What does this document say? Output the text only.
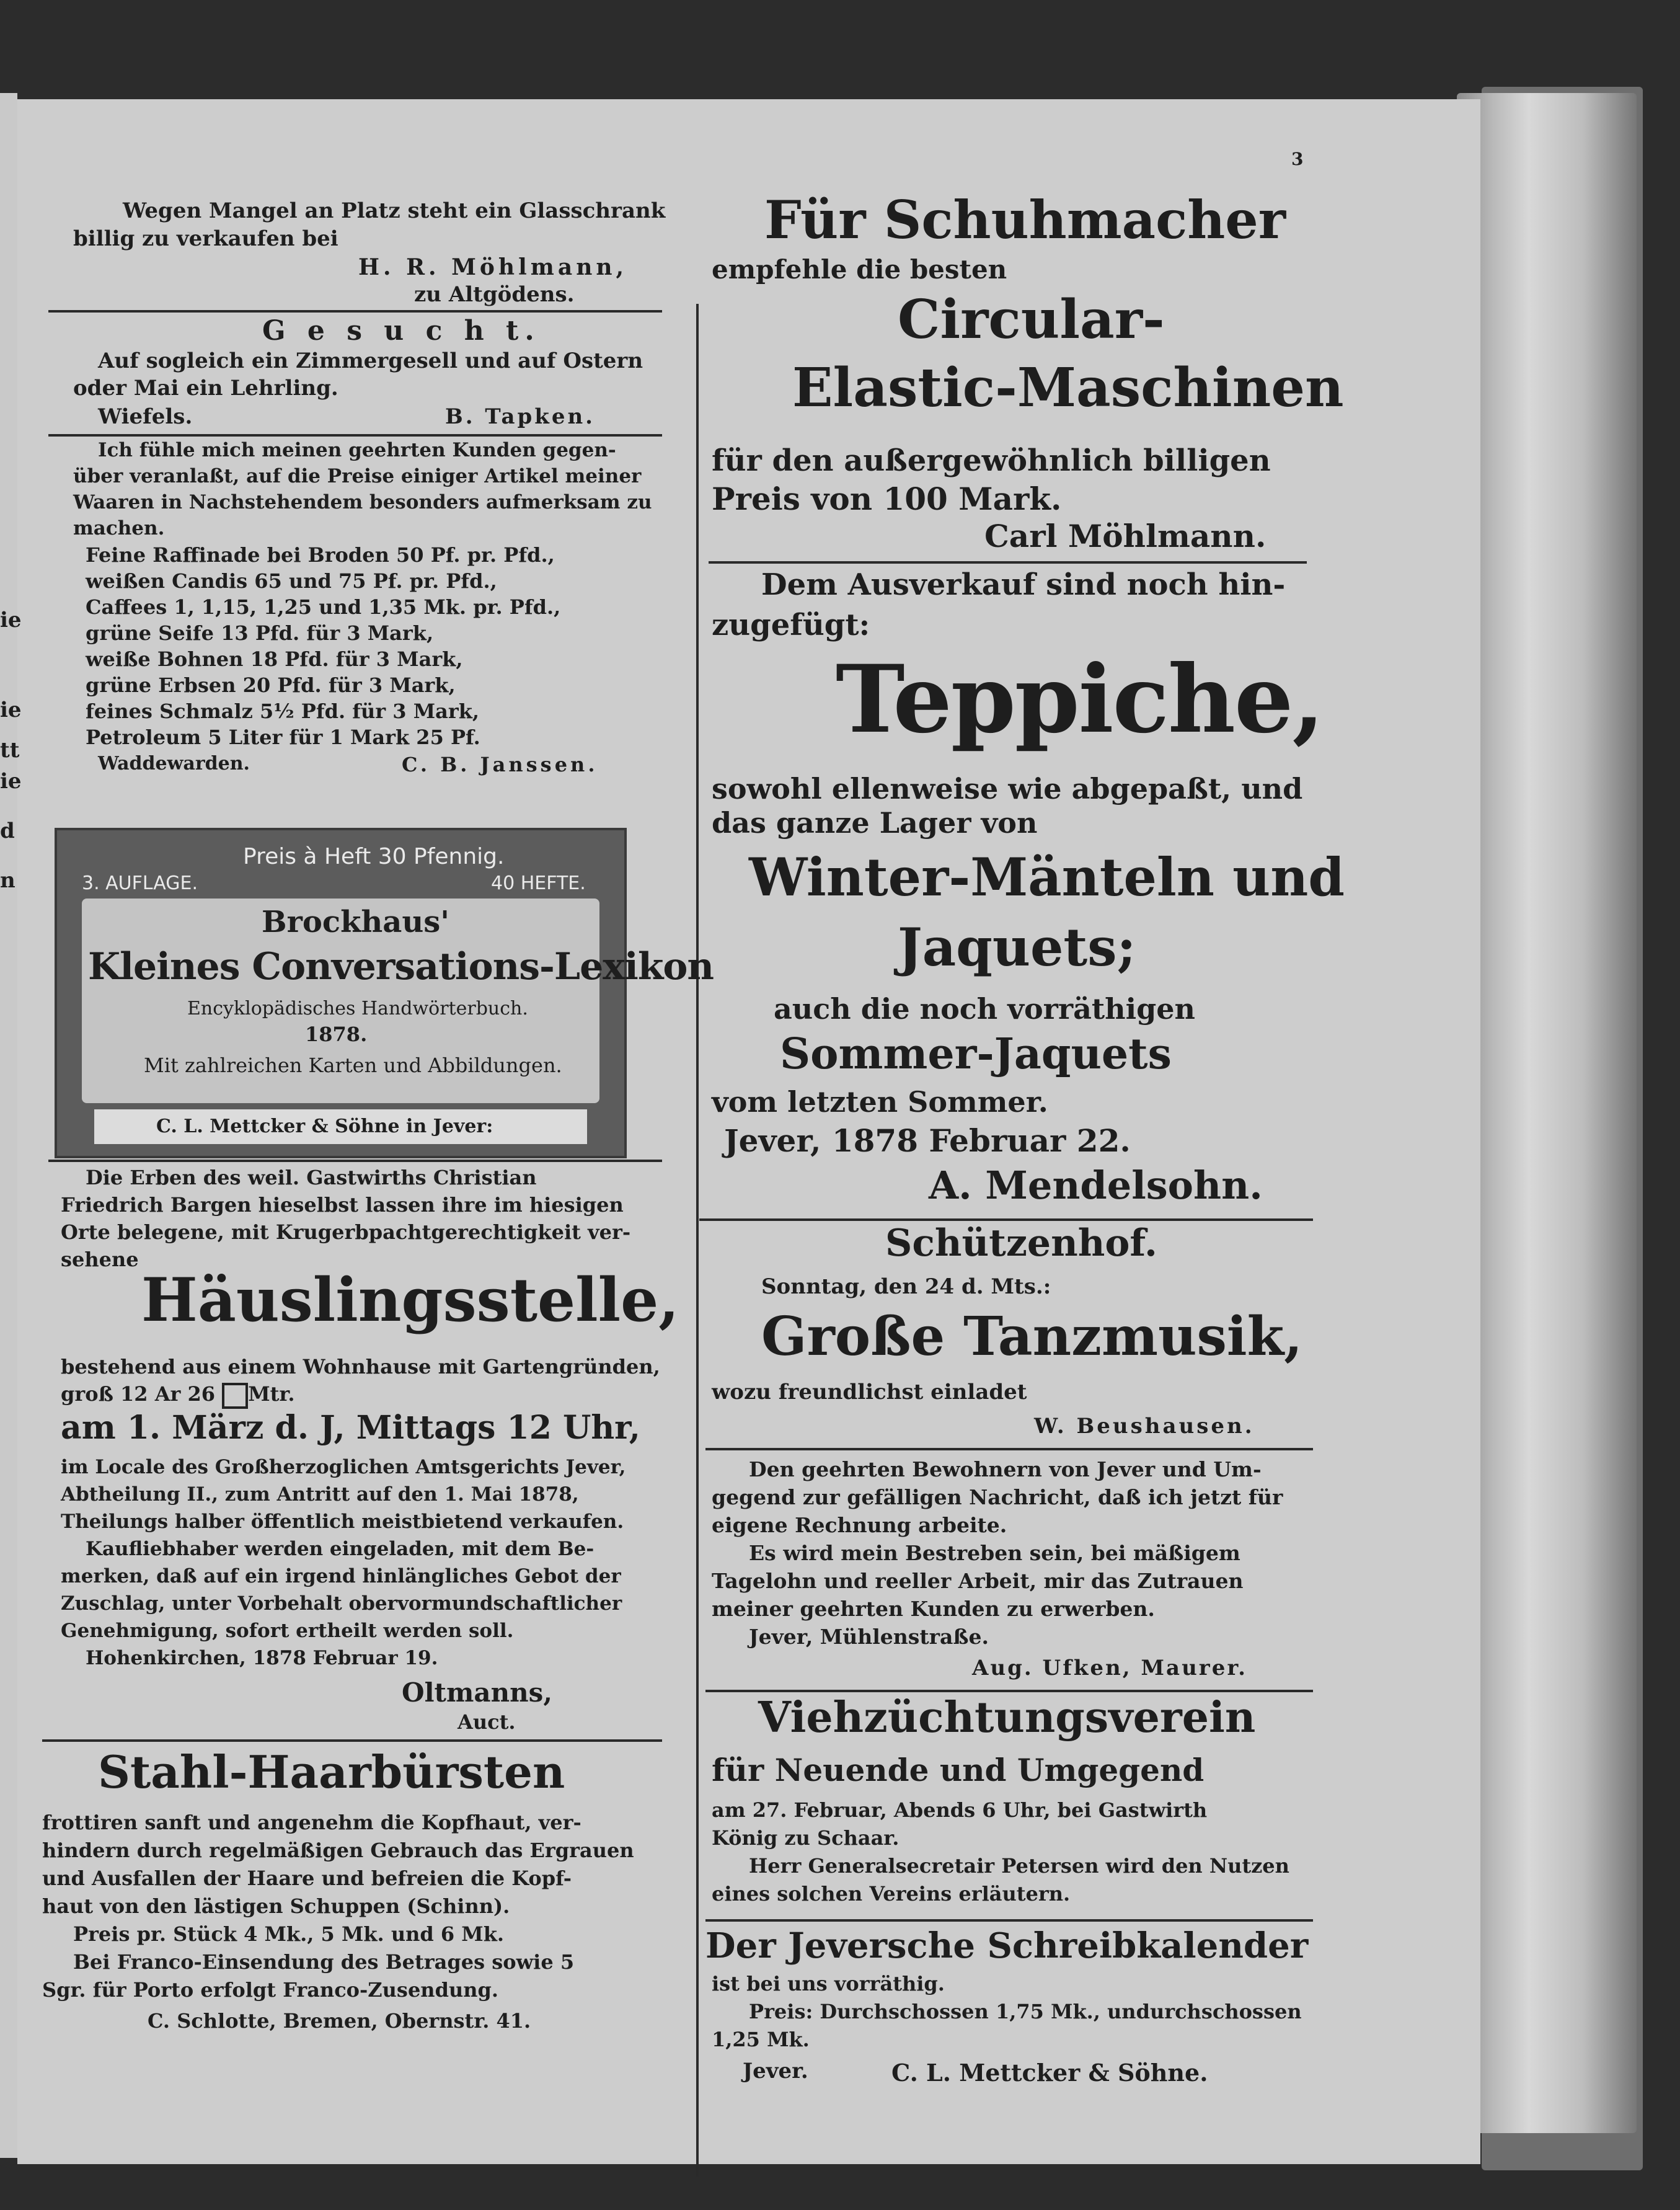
3
ie
ie
tt
ie
d
n
Wegen Mangel an Platz steht ein Glasschrank
billig zu verkaufen bei
H. R. Möhlmann,
zu Altgödens.
G e s u c h t.
Auf sogleich ein Zimmergesell und auf Ostern
oder Mai ein Lehrling.
Wiefels.	B. Tapken.
Ich fühle mich meinen geehrten Kunden gegen-
über veranlaßt, auf die Preise einiger Artikel meiner
Waaren in Nachstehendem besonders aufmerksam zu
machen.
Feine Raffinade bei Broden 50 Pf. pr. Pfd.,
weißen Candis 65 und 75 Pf. pr. Pfd.,
Caffees 1, 1,15, 1,25 und 1,35 Mk. pr. Pfd.,
grüne Seife 13 Pfd. für 3 Mark,
weiße Bohnen 18 Pfd. für 3 Mark,
grüne Erbsen 20 Pfd. für 3 Mark,
feines Schmalz 5½ Pfd. für 3 Mark,
Petroleum 5 Liter für 1 Mark 25 Pf.
Waddewarden.	C. B. Janssen.
Preis à Heft 30 Pfennig.
3. AUFLAGE.	40 HEFTE.
Brockhaus'
Kleines Conversations-Lexikon
Encyklopädisches Handwörterbuch.
1878.
Mit zahlreichen Karten und Abbildungen.
C. L. Mettcker & Söhne in Jever:
Die Erben des weil. Gastwirths Christian
Friedrich Bargen hieselbst lassen ihre im hiesigen
Orte belegene, mit Krugerbpachtgerechtigkeit ver-
sehene
Häuslingsstelle,
bestehend aus einem Wohnhause mit Gartengründen,
groß 12 Ar 26 Mtr.
am 1. März d. J, Mittags 12 Uhr,
im Locale des Großherzoglichen Amtsgerichts Jever,
Abtheilung II., zum Antritt auf den 1. Mai 1878,
Theilungs halber öffentlich meistbietend verkaufen.
Kaufliebhaber werden eingeladen, mit dem Be-
merken, daß auf ein irgend hinlängliches Gebot der
Zuschlag, unter Vorbehalt obervormundschaftlicher
Genehmigung, sofort ertheilt werden soll.
Hohenkirchen, 1878 Februar 19.
Oltmanns,
Auct.
Stahl-Haarbürsten
frottiren sanft und angenehm die Kopfhaut, ver-
hindern durch regelmäßigen Gebrauch das Ergrauen
und Ausfallen der Haare und befreien die Kopf-
haut von den lästigen Schuppen (Schinn).
Preis pr. Stück 4 Mk., 5 Mk. und 6 Mk.
Bei Franco-Einsendung des Betrages sowie 5
Sgr. für Porto erfolgt Franco-Zusendung.
C. Schlotte, Bremen, Obernstr. 41.
Für Schuhmacher
empfehle die besten
Circular-
Elastic-Maschinen
für den außergewöhnlich billigen
Preis von 100 Mark.
Carl Möhlmann.
Dem Ausverkauf sind noch hin-
zugefügt:
Teppiche,
sowohl ellenweise wie abgepaßt, und
das ganze Lager von
Winter-Mänteln und
Jaquets;
auch die noch vorräthigen
Sommer-Jaquets
vom letzten Sommer.
Jever, 1878 Februar 22.
A. Mendelsohn.
Schützenhof.
Sonntag, den 24 d. Mts.:
Große Tanzmusik,
wozu freundlichst einladet
W. Beushausen.
Den geehrten Bewohnern von Jever und Um-
gegend zur gefälligen Nachricht, daß ich jetzt für
eigene Rechnung arbeite.
Es wird mein Bestreben sein, bei mäßigem
Tagelohn und reeller Arbeit, mir das Zutrauen
meiner geehrten Kunden zu erwerben.
Jever, Mühlenstraße.
Aug. Ufken, Maurer.
Viehzüchtungsverein
für Neuende und Umgegend
am 27. Februar, Abends 6 Uhr, bei Gastwirth
König zu Schaar.
Herr Generalsecretair Petersen wird den Nutzen
eines solchen Vereins erläutern.
Der Jeversche Schreibkalender
ist bei uns vorräthig.
Preis: Durchschossen 1,75 Mk., undurchschossen
1,25 Mk.
Jever.	C. L. Mettcker & Söhne.
